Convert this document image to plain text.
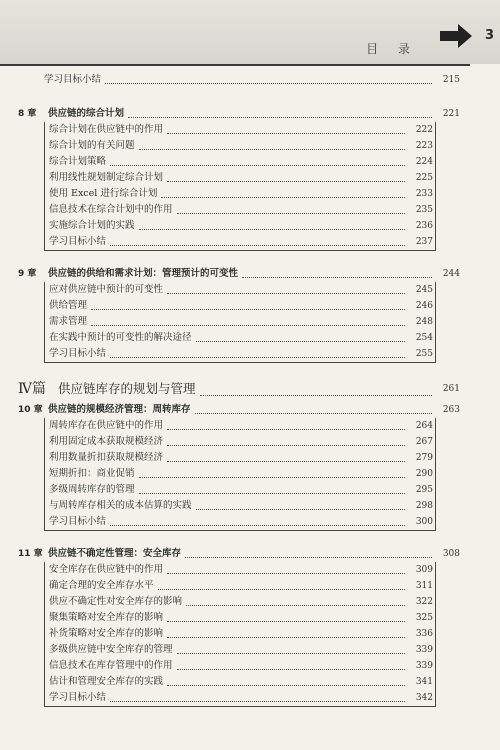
目 录
3
学习目标小结	215
8 章	供应链的综合计划	221
综合计划在供应链中的作用	222
综合计划的有关问题	223
综合计划策略	224
利用线性规划制定综合计划	225
使用 Excel 进行综合计划	233
信息技术在综合计划中的作用	235
实施综合计划的实践	236
学习目标小结	237
9 章	供应链的供给和需求计划：管理预计的可变性	244
应对供应链中预计的可变性	245
供给管理	246
需求管理	248
在实践中预计的可变性的解决途径	254
学习目标小结	255
Ⅳ篇 供应链库存的规划与管理	261
10 章 供应链的规模经济管理：周转库存	263
周转库存在供应链中的作用	264
利用固定成本获取规模经济	267
利用数量折扣获取规模经济	279
短期折扣：商业促销	290
多级周转库存的管理	295
与周转库存相关的成本估算的实践	298
学习目标小结	300
11 章 供应链不确定性管理：安全库存	308
安全库存在供应链中的作用	309
确定合理的安全库存水平	311
供应不确定性对安全库存的影响	322
聚集策略对安全库存的影响	325
补货策略对安全库存的影响	336
多级供应链中安全库存的管理	339
信息技术在库存管理中的作用	339
估计和管理安全库存的实践	341
学习目标小结	342
